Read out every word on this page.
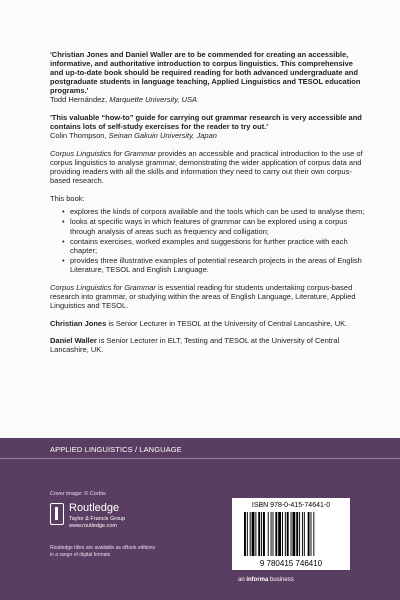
'Christian Jones and Daniel Waller are to be commended for creating an accessible, informative, and authoritative introduction to corpus linguistics. This comprehensive and up-to-date book should be required reading for both advanced undergraduate and postgraduate students in language teaching, Applied Linguistics and TESOL education programs.'
Todd Hernández, Marquette University, USA
'This valuable “how-to” guide for carrying out grammar research is very accessible and contains lots of self-study exercises for the reader to try out.'
Colin Thompson, Seinan Gakuin University, Japan

Corpus Linguistics for Grammar provides an accessible and practical introduction to the use of corpus linguistics to analyse grammar, demonstrating the wider application of corpus data and providing readers with all the skills and information they need to carry out their own corpus-based research.

This book:
• explores the kinds of corpora available and the tools which can be used to analyse them;
• looks at specific ways in which features of grammar can be explored using a corpus through analysis of areas such as frequency and colligation;
• contains exercises, worked examples and suggestions for further practice with each chapter;
• provides three illustrative examples of potential research projects in the areas of English Literature, TESOL and English Language.

Corpus Linguistics for Grammar is essential reading for students undertaking corpus-based research into grammar, or studying within the areas of English Language, Literature, Applied Linguistics and TESOL.

Christian Jones is Senior Lecturer in TESOL at the University of Central Lancashire, UK.
Daniel Waller is Senior Lecturer in ELT, Testing and TESOL at the University of Central Lancashire, UK.
APPLIED LINGUISTICS / LANGUAGE
Cover image: © Corbis
Routledge
Taylor & Francis Group
www.routledge.com
Routledge titles are available as eBook editions in a range of digital formats
ISBN 978-0-415-74641-0
9 780415 746410
an informa business
